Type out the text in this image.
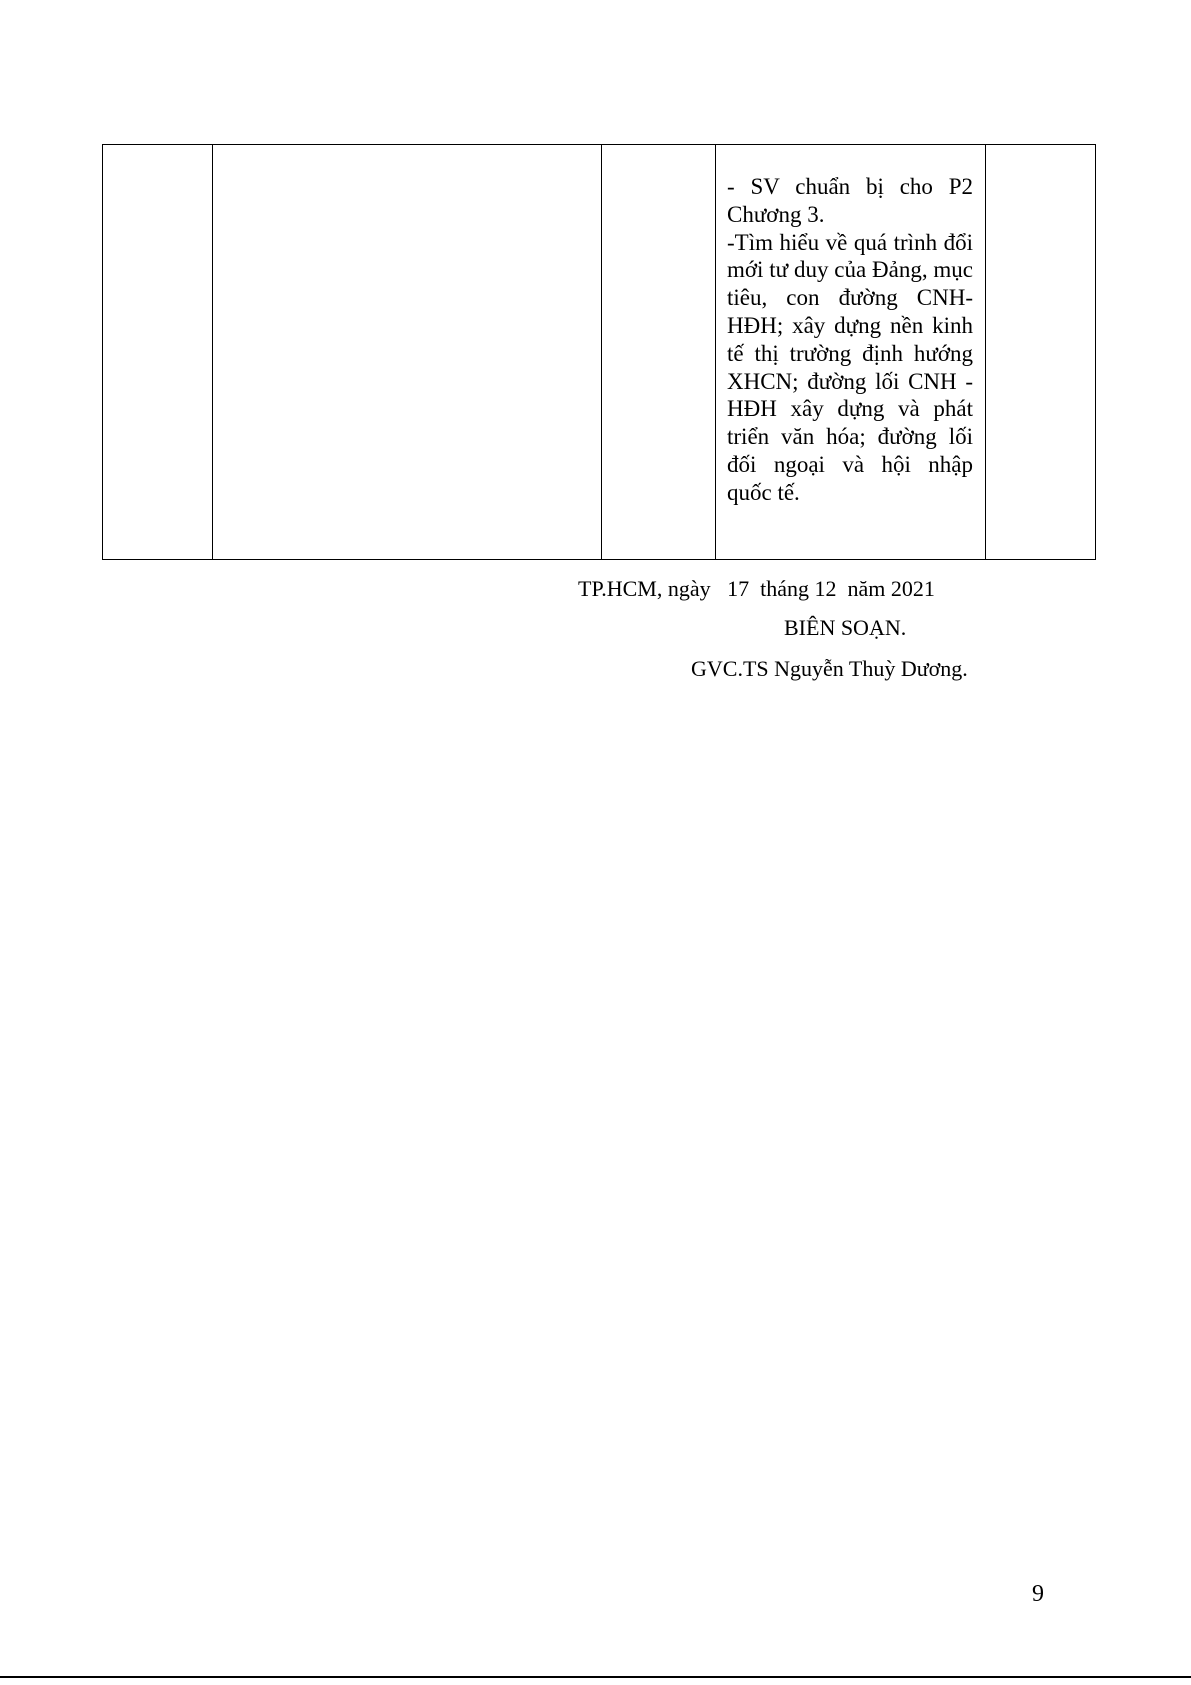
- SV chuẩn bị cho P2 Chương 3.

-Tìm hiểu về quá trình đổi mới tư duy của Đảng, mục tiêu, con đường CNH-HĐH; xây dựng nền kinh tế thị trường định hướng XHCN; đường lối CNH -HĐH xây dựng và phát triển văn hóa; đường lối đối ngoại và hội nhập quốc tế.

TP.HCM, ngày   17  tháng 12  năm 2021
BIÊN SOẠN.
GVC.TS Nguyễn Thuỳ Dương.
9
